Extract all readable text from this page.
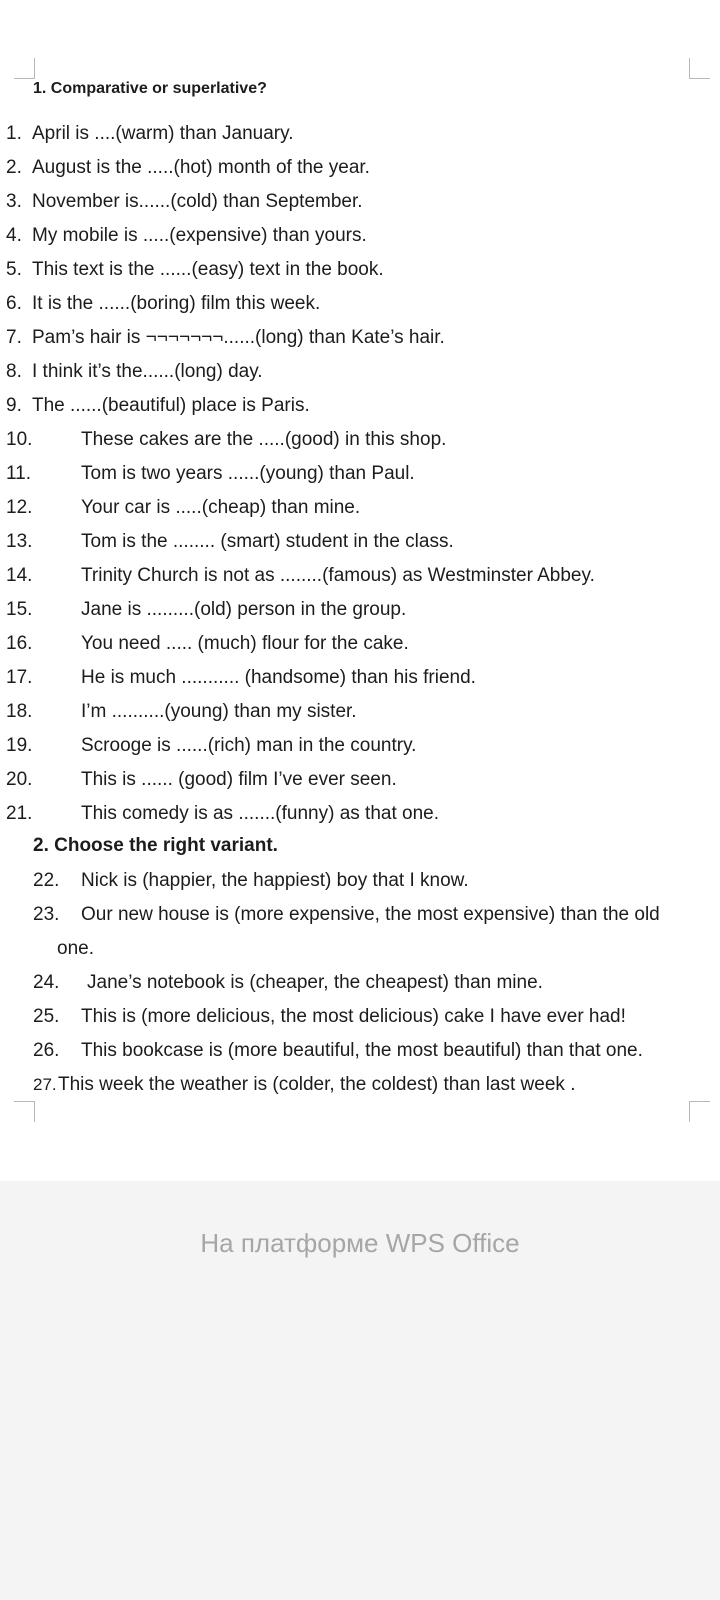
1. Comparative or superlative?
1. April is ....(warm) than January.
2. August is the .....(hot) month of the year.
3. November is......(cold) than September.
4. My mobile is .....(expensive) than yours.
5. This text is the ......(easy) text in the book.
6. It is the ......(boring) film this week.
7. Pam’s hair is ¬¬¬¬¬¬¬......(long) than Kate’s hair.
8. I think it’s the......(long) day.
9. The ......(beautiful) place is Paris.
10.	These cakes are the .....(good) in this shop.
11.	Tom is two years ......(young) than Paul.
12.	Your car is .....(cheap) than mine.
13.	Tom is the ........ (smart) student in the class.
14.	Trinity Church is not as ........(famous) as Westminster Abbey.
15.	Jane is .........(old) person in the group.
16.	You need ..... (much) flour for the cake.
17.	He is much ........... (handsome) than his friend.
18.	I’m ..........(young) than my sister.
19.	Scrooge is ......(rich) man in the country.
20.	This is ...... (good) film I’ve ever seen.
21.	This comedy is as .......(funny) as that one.
2. Choose the right variant.
22. Nick is (happier, the happiest) boy that I know.
23. Our new house is (more expensive, the most expensive) than the old
one.
24. Jane’s notebook is (cheaper, the cheapest) than mine.
25. This is (more delicious, the most delicious) cake I have ever had!
26. This bookcase is (more beautiful, the most beautiful) than that one.
27. This week the weather is (colder, the coldest) than last week .
На платформе WPS Office
